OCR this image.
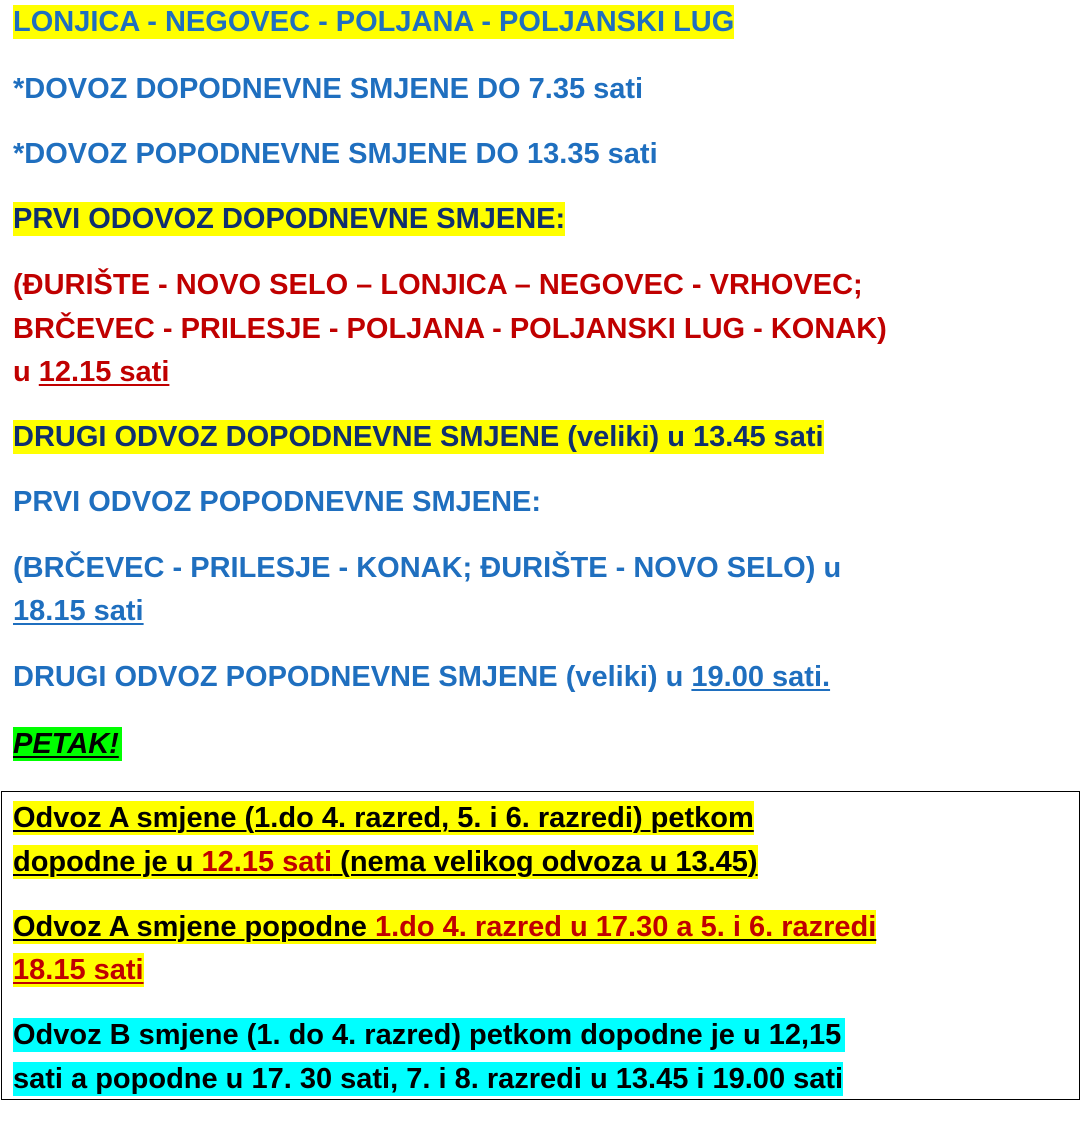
LONJICA - NEGOVEC - POLJANA - POLJANSKI LUG
*DOVOZ DOPODNEVNE SMJENE DO 7.35 sati
*DOVOZ POPODNEVNE SMJENE DO 13.35 sati
PRVI ODOVOZ DOPODNEVNE SMJENE:
(ĐURIŠTE - NOVO SELO – LONJICA – NEGOVEC - VRHOVEC;
BRČEVEC - PRILESJE - POLJANA - POLJANSKI LUG - KONAK)
u 12.15 sati
DRUGI ODVOZ DOPODNEVNE SMJENE (veliki) u 13.45 sati
PRVI ODVOZ POPODNEVNE SMJENE:
(BRČEVEC - PRILESJE - KONAK; ĐURIŠTE - NOVO SELO) u
18.15 sati
DRUGI ODVOZ POPODNEVNE SMJENE (veliki) u 19.00 sati.
PETAK!
Odvoz A smjene (1.do 4. razred, 5. i 6. razredi) petkom
dopodne je u 12.15 sati (nema velikog odvoza u 13.45)
Odvoz A smjene popodne 1.do 4. razred u 17.30 a 5. i 6. razredi
18.15 sati
Odvoz B smjene (1. do 4. razred) petkom dopodne je u 12,15
sati a popodne u 17. 30 sati, 7. i 8. razredi u 13.45 i 19.00 sati
